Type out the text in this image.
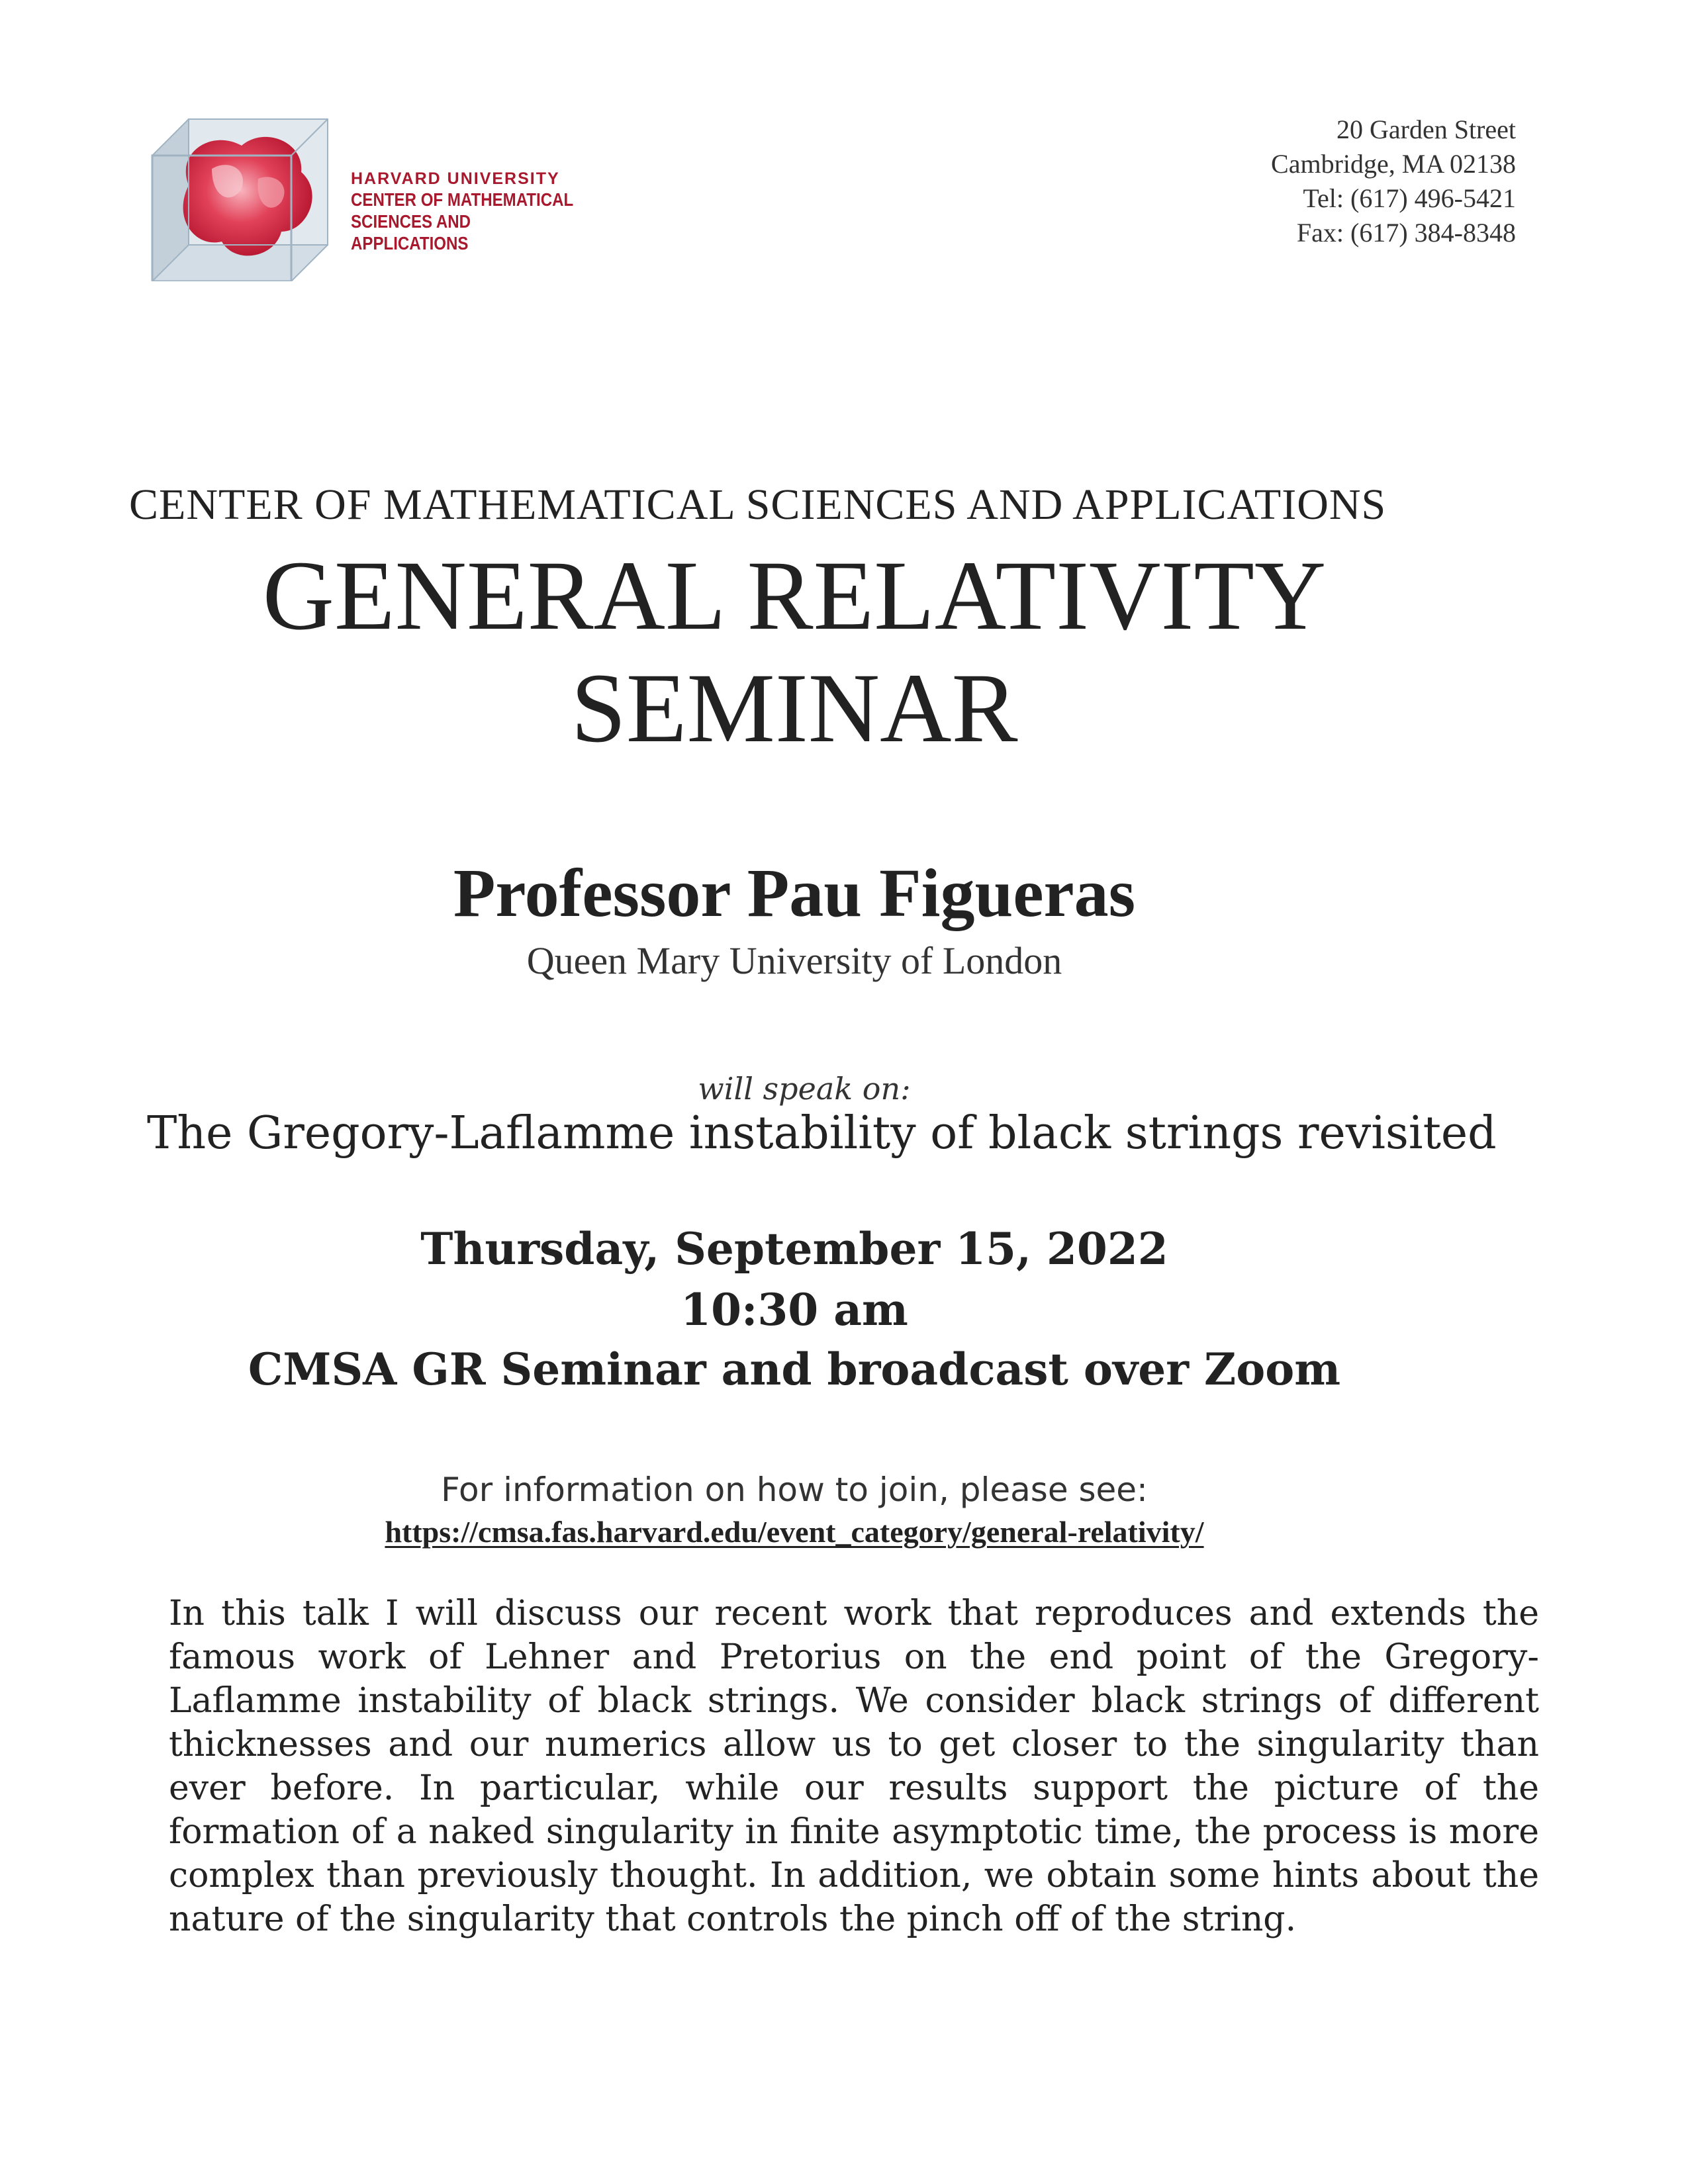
HARVARD UNIVERSITY
CENTER OF MATHEMATICAL
SCIENCES AND APPLICATIONS
20 Garden Street
Cambridge, MA 02138
Tel: (617) 496-5421
Fax: (617) 384-8348
CENTER OF MATHEMATICAL SCIENCES AND APPLICATIONS
GENERAL RELATIVITY
SEMINAR
Professor Pau Figueras
Queen Mary University of London
will speak on:
The Gregory-Laflamme instability of black strings revisited
Thursday, September 15, 2022
10:30 am
CMSA GR Seminar and broadcast over Zoom
For information on how to join, please see:
https://cmsa.fas.harvard.edu/event_category/general-relativity/
In this talk I will discuss our recent work that reproduces and extends the famous work of Lehner and Pretorius on the end point of the Gregory-Laflamme instability of black strings. We consider black strings of different thicknesses and our numerics allow us to get closer to the singularity than ever before. In particular, while our results support the picture of the formation of a naked singularity in finite asymptotic time, the process is more complex than previously thought. In addition, we obtain some hints about the nature of the singularity that controls the pinch off of the string.
